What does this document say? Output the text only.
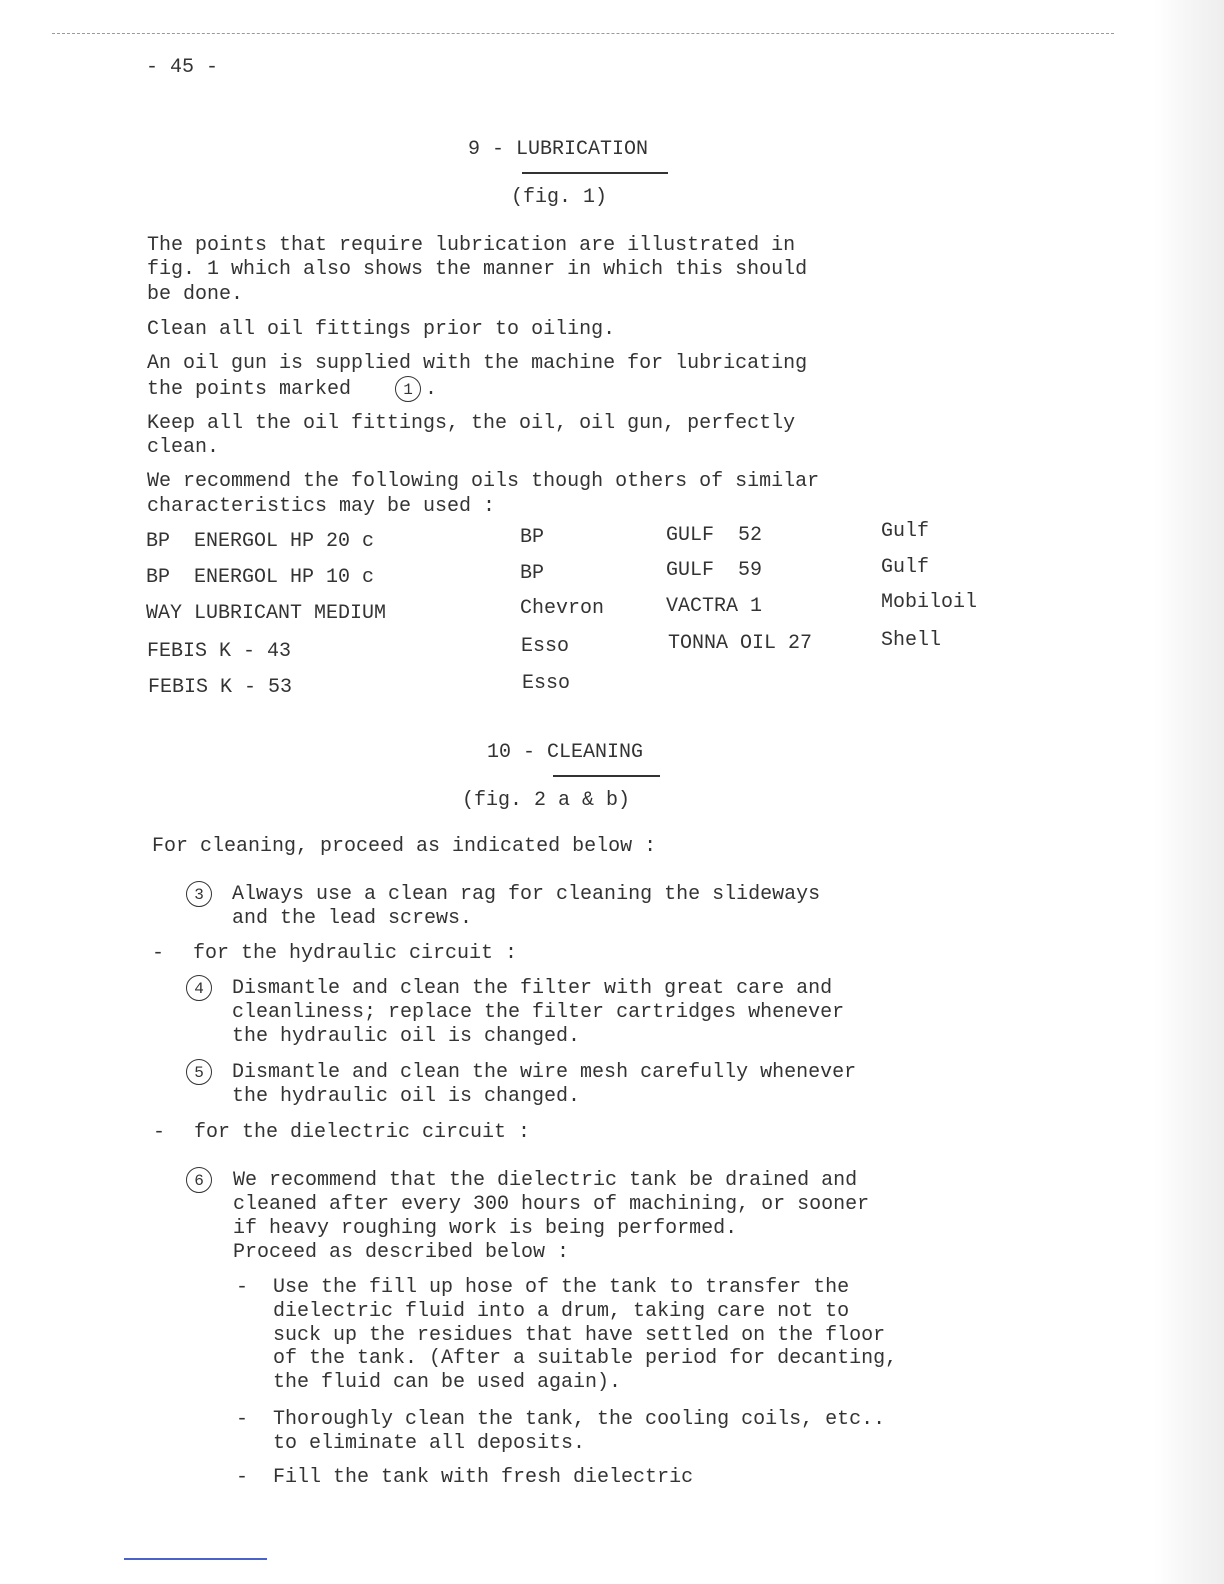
- 45 -
9 - LUBRICATION
(fig. 1)
The points that require lubrication are illustrated in
fig. 1 which also shows the manner in which this should
be done.
Clean all oil fittings prior to oiling.
An oil gun is supplied with the machine for lubricating
the points marked	1 .
Keep all the oil fittings, the oil, oil gun, perfectly
clean.
We recommend the following oils though others of similar
characteristics may be used :
BP  ENERGOL HP 20 c	BP	GULF  52	Gulf
BP  ENERGOL HP 10 c	BP	GULF  59	Gulf
WAY LUBRICANT MEDIUM	Chevron	VACTRA 1	Mobiloil
FEBIS K - 43	Esso	TONNA OIL 27	Shell
FEBIS K - 53	Esso
10 - CLEANING
(fig. 2 a & b)
For cleaning, proceed as indicated below :
3	Always use a clean rag for cleaning the slideways
and the lead screws.
- for the hydraulic circuit :
4	Dismantle and clean the filter with great care and
cleanliness; replace the filter cartridges whenever
the hydraulic oil is changed.
5	Dismantle and clean the wire mesh carefully whenever
the hydraulic oil is changed.
- for the dielectric circuit :
6	We recommend that the dielectric tank be drained and
cleaned after every 300 hours of machining, or sooner
if heavy roughing work is being performed.
Proceed as described below :
- Use the fill up hose of the tank to transfer the
dielectric fluid into a drum, taking care not to
suck up the residues that have settled on the floor
of the tank. (After a suitable period for decanting,
the fluid can be used again).
- Thoroughly clean the tank, the cooling coils, etc..
to eliminate all deposits.
- Fill the tank with fresh dielectric
